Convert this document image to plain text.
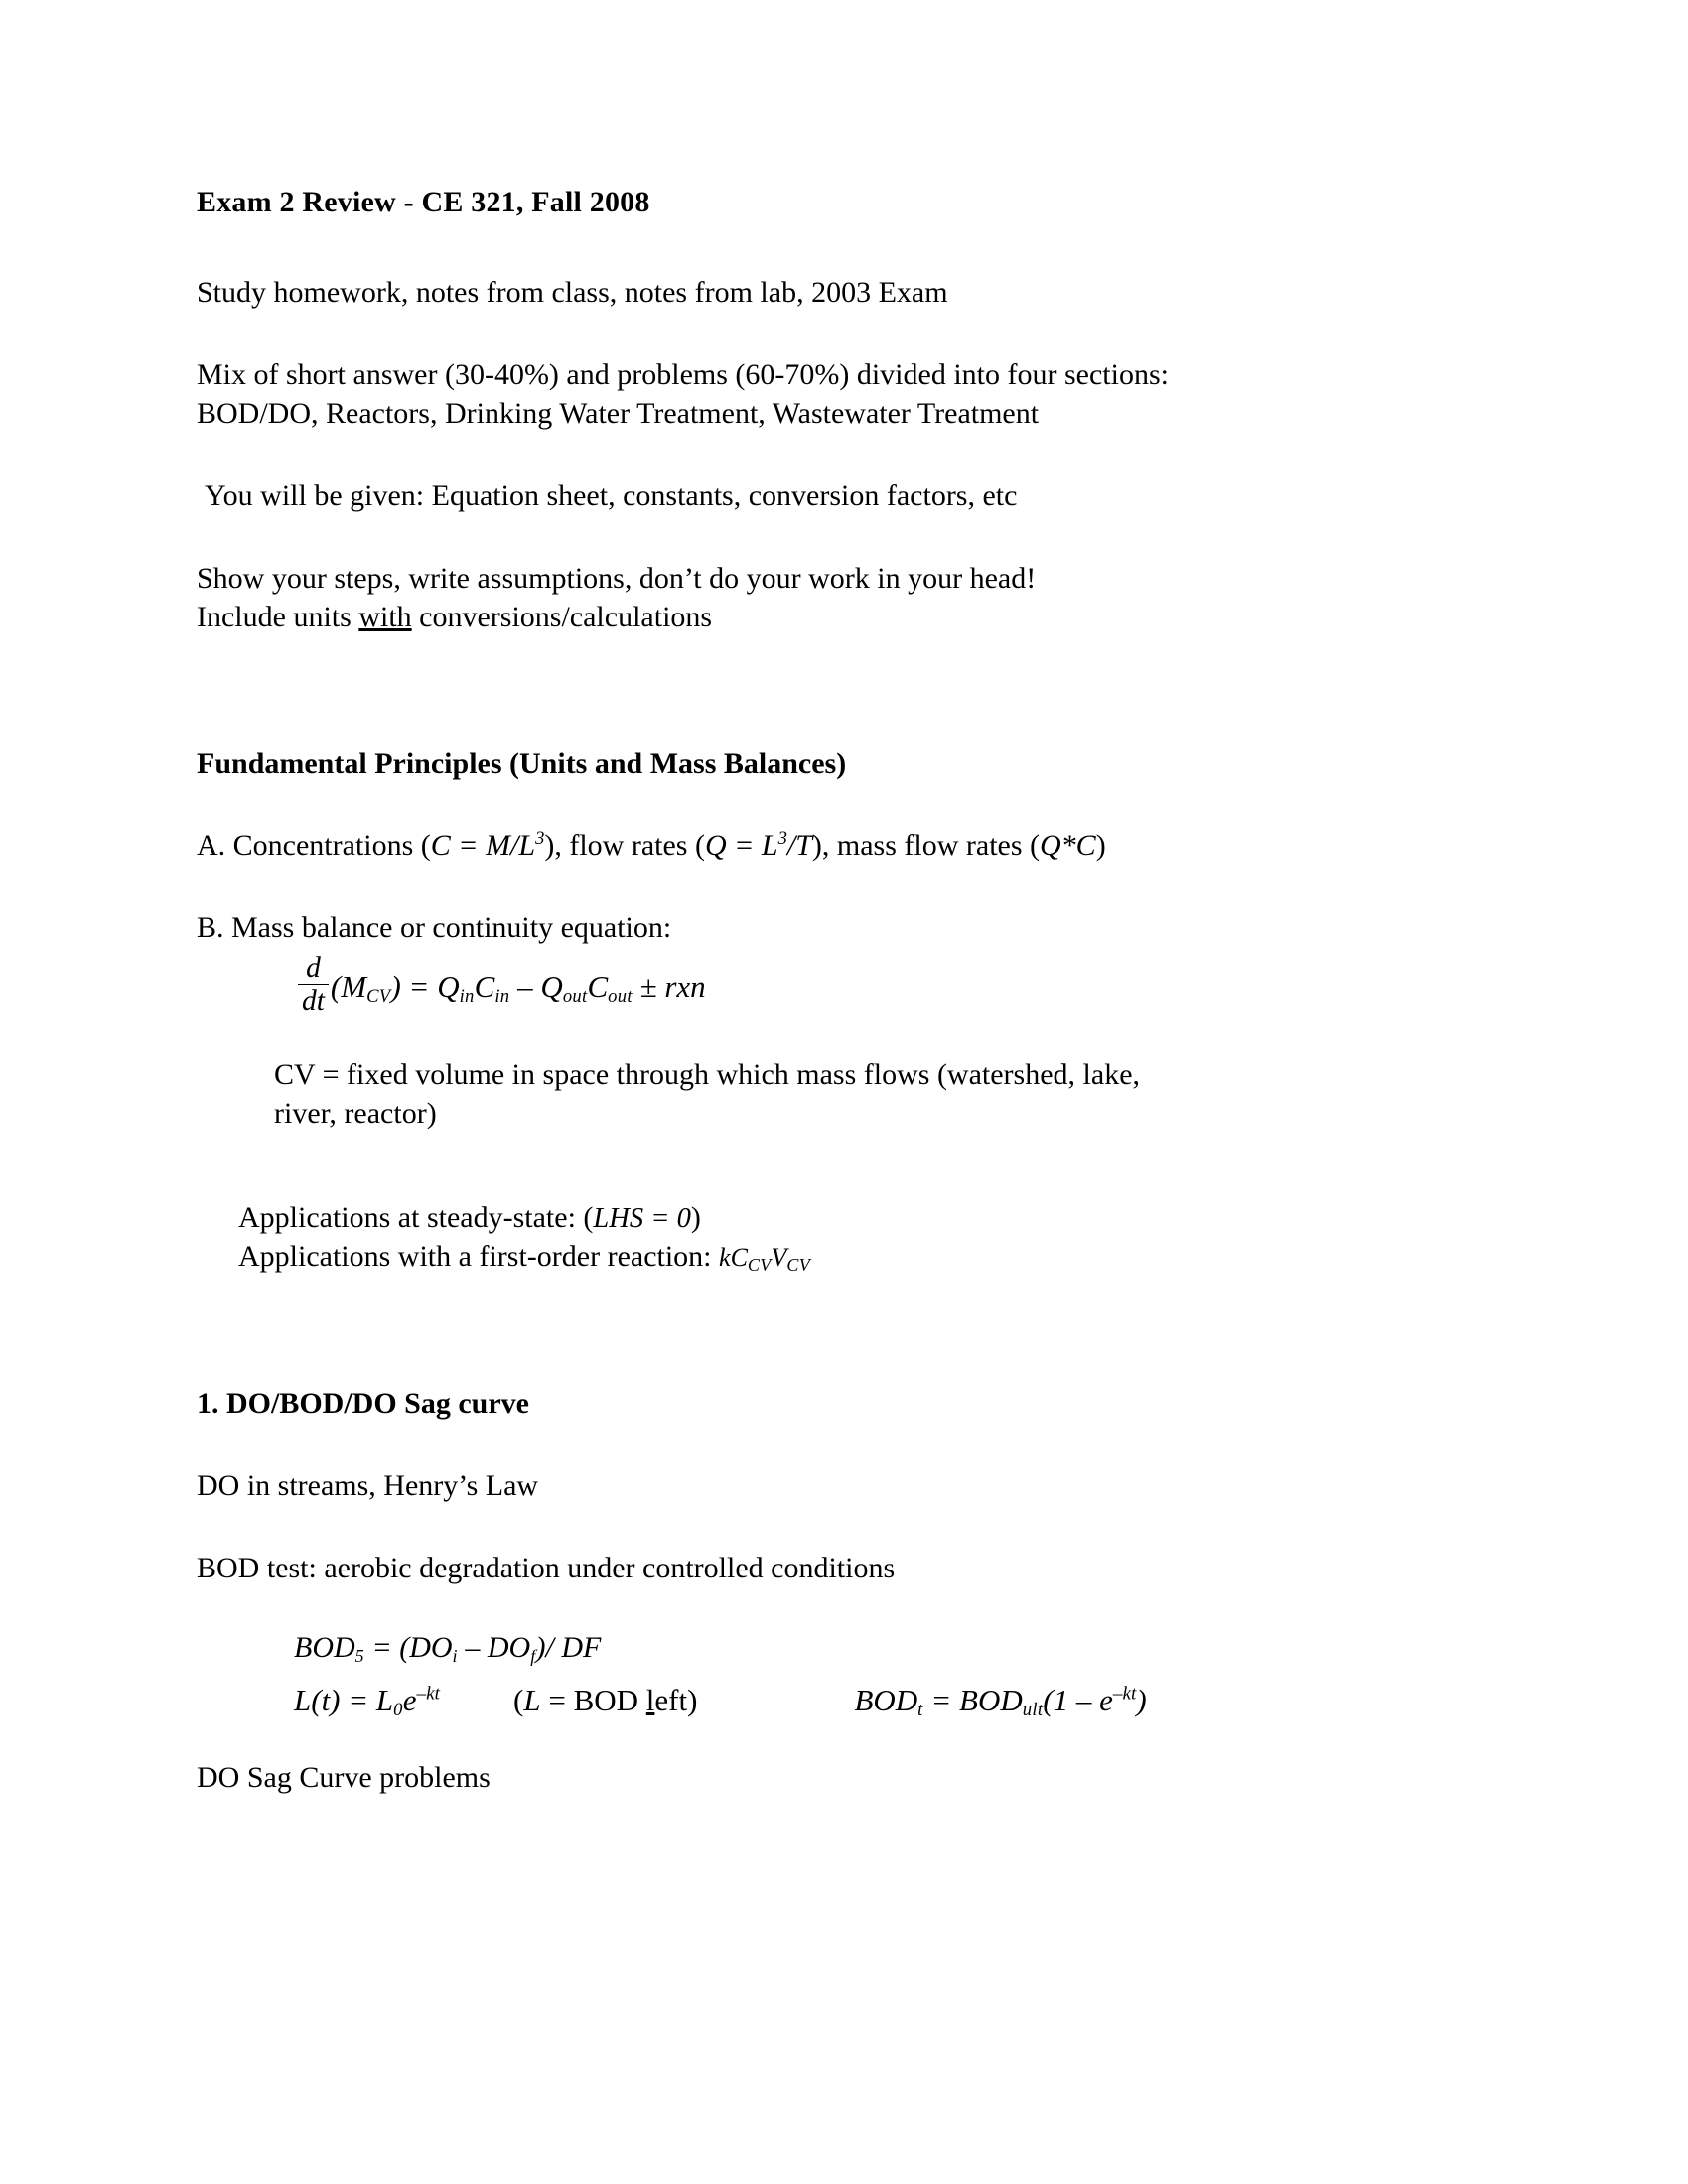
Exam 2 Review - CE 321, Fall 2008
Study homework, notes from class, notes from lab, 2003 Exam
Mix of short answer (30-40%) and problems (60-70%) divided into four sections:
BOD/DO, Reactors, Drinking Water Treatment, Wastewater Treatment
You will be given: Equation sheet, constants, conversion factors, etc
Show your steps, write assumptions, don’t do your work in your head!
Include units with conversions/calculations
Fundamental Principles (Units and Mass Balances)
A. Concentrations $(C = M/L^3)$, flow rates $(Q = L^3/T)$, mass flow rates (Q*C)
B. Mass balance or continuity equation:
$\frac{d}{dt} (M_{CV}) = Q_{in}C_{in} - Q_{out}C_{out}$ ± rxn
CV = fixed volume in space through which mass flows (watershed, lake,
river, reactor)
Applications at steady-state: (LHS = 0)
Applications with a first-order reaction: $kC_{CV}V_{CV}$
1. DO/BOD/DO Sag curve
DO in streams, Henry’s Law
BOD test: aerobic degradation under controlled conditions
$BOD_5 = (DO_i - DO_f)/$ DF
$L(t) = L_0e^{-kt}$ (L = BOD left)	$BOD_t = BOD_{ult}(1 - e^{-kt})$
DO Sag Curve problems
